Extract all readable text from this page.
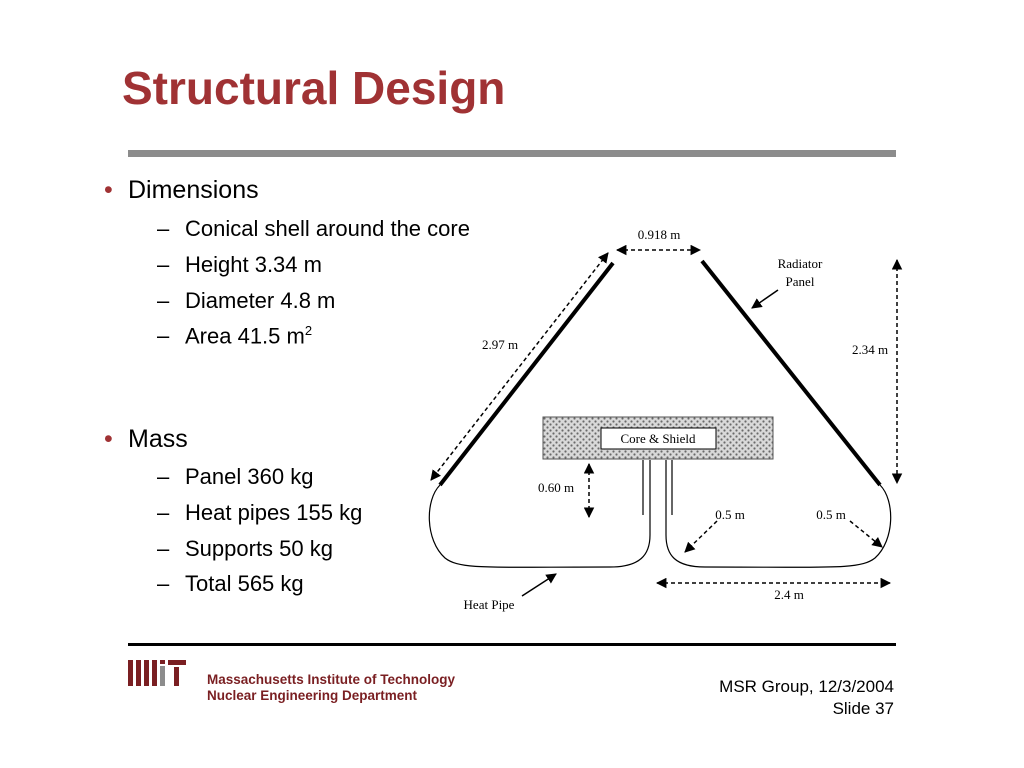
Structural Design
• Dimensions
– Conical shell around the core
– Height 3.34 m
– Diameter 4.8 m
– Area 41.5 $m^2$
• Mass
– Panel 360 kg
– Heat pipes 155 kg
– Supports 50 kg
– Total 565 kg
Core & Shield
0.918 m
2.97 m	2.34 m
0.60 m
0.5 m	0.5 m
2.4 m
Radiator
Panel
Heat Pipe
Massachusetts Institute of Technology
Nuclear Engineering Department	MSR Group, 12/3/2004
Slide 37
